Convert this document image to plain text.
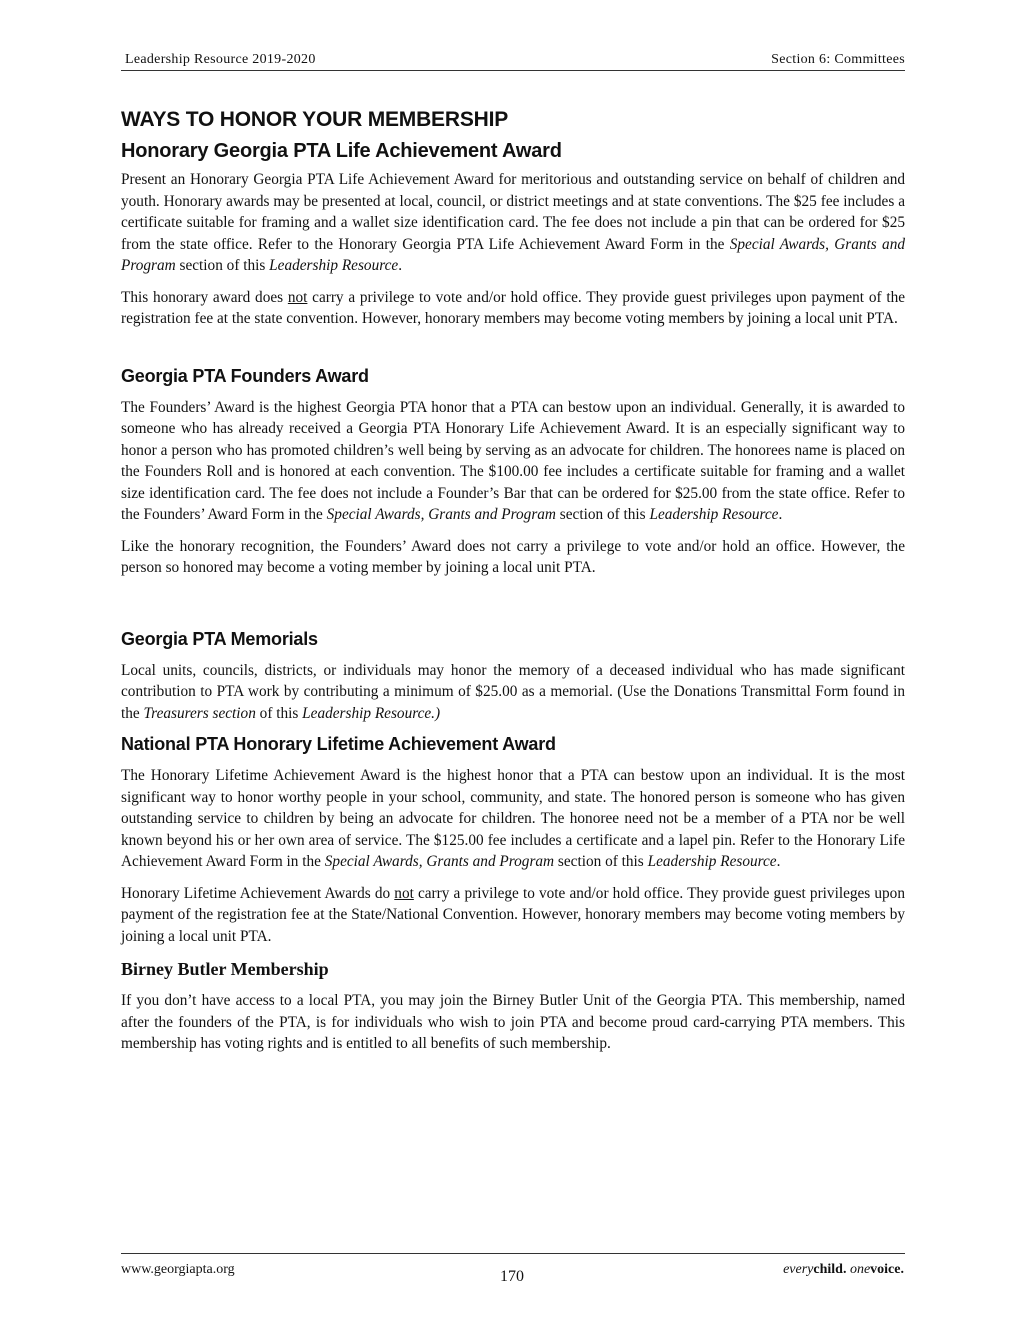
Leadership Resource 2019-2020	Section 6: Committees
WAYS TO HONOR YOUR MEMBERSHIP
Honorary Georgia PTA Life Achievement Award

Present an Honorary Georgia PTA Life Achievement Award for meritorious and outstanding service on behalf of children and youth. Honorary awards may be presented at local, council, or district meetings and at state conventions. The $25 fee includes a certificate suitable for framing and a wallet size identification card. The fee does not include a pin that can be ordered for $25 from the state office. Refer to the Honorary Georgia PTA Life Achievement Award Form in the Special Awards, Grants and Program section of this Leadership Resource.

This honorary award does not carry a privilege to vote and/or hold office. They provide guest privileges upon payment of the registration fee at the state convention. However, honorary members may become voting members by joining a local unit PTA.

Georgia PTA Founders Award

The Founders’ Award is the highest Georgia PTA honor that a PTA can bestow upon an individual. Generally, it is awarded to someone who has already received a Georgia PTA Honorary Life Achievement Award. It is an especially significant way to honor a person who has promoted children’s well being by serving as an advocate for children. The honorees name is placed on the Founders Roll and is honored at each convention. The $100.00 fee includes a certificate suitable for framing and a wallet size identification card. The fee does not include a Founder’s Bar that can be ordered for $25.00 from the state office. Refer to the Founders’ Award Form in the Special Awards, Grants and Program section of this Leadership Resource.

Like the honorary recognition, the Founders’ Award does not carry a privilege to vote and/or hold an office. However, the person so honored may become a voting member by joining a local unit PTA.

Georgia PTA Memorials

Local units, councils, districts, or individuals may honor the memory of a deceased individual who has made significant contribution to PTA work by contributing a minimum of $25.00 as a memorial. (Use the Donations Transmittal Form found in the Treasurers section of this Leadership Resource.)

National PTA Honorary Lifetime Achievement Award

The Honorary Lifetime Achievement Award is the highest honor that a PTA can bestow upon an individual. It is the most significant way to honor worthy people in your school, community, and state. The honored person is someone who has given outstanding service to children by being an advocate for children. The honoree need not be a member of a PTA nor be well known beyond his or her own area of service. The $125.00 fee includes a certificate and a lapel pin. Refer to the Honorary Life Achievement Award Form in the Special Awards, Grants and Program section of this Leadership Resource.

Honorary Lifetime Achievement Awards do not carry a privilege to vote and/or hold office. They provide guest privileges upon payment of the registration fee at the State/National Convention. However, honorary members may become voting members by joining a local unit PTA.

Birney Butler Membership

If you don’t have access to a local PTA, you may join the Birney Butler Unit of the Georgia PTA. This membership, named after the founders of the PTA, is for individuals who wish to join PTA and become proud card-carrying PTA members. This membership has voting rights and is entitled to all benefits of such membership.

www.georgiapta.org	170	everychild. onevoice.
